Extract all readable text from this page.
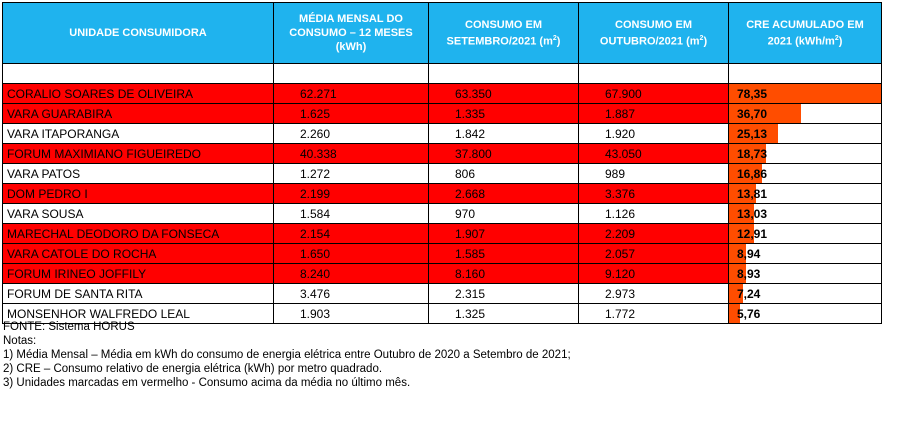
UNIDADE CONSUMIDORA	MÉDIA MENSAL DO CONSUMO – 12 MESES (kWh)	CONSUMO EM SETEMBRO/2021 $(m^2)$	CONSUMO EM OUTUBRO/2021 $(m^2)$	CRE ACUMULADO EM 2021 $(kWh/m^2)$

CORALIO SOARES DE OLIVEIRA	62.271	63.350	67.900	78,35
VARA GUARABIRA	1.625	1.335	1.887	36,70
VARA ITAPORANGA	2.260	1.842	1.920	25,13
FORUM MAXIMIANO FIGUEIREDO	40.338	37.800	43.050	18,73
VARA PATOS	1.272	806	989	16,86
DOM PEDRO I	2.199	2.668	3.376	13,81
VARA SOUSA	1.584	970	1.126	13,03
MARECHAL DEODORO DA FONSECA	2.154	1.907	2.209	12,91
VARA CATOLE DO ROCHA	1.650	1.585	2.057	8,94
FORUM IRINEO JOFFILY	8.240	8.160	9.120	8,93
FORUM DE SANTA RITA	3.476	2.315	2.973	7,24
MONSENHOR WALFREDO LEAL	1.903	1.325	1.772	5,76
FONTE: Sistema HORUS
Notas:
1) Média Mensal – Média em kWh do consumo de energia elétrica entre Outubro de 2020 a Setembro de 2021;
2) CRE – Consumo relativo de energia elétrica (kWh) por metro quadrado.
3) Unidades marcadas em vermelho - Consumo acima da média no último mês.
